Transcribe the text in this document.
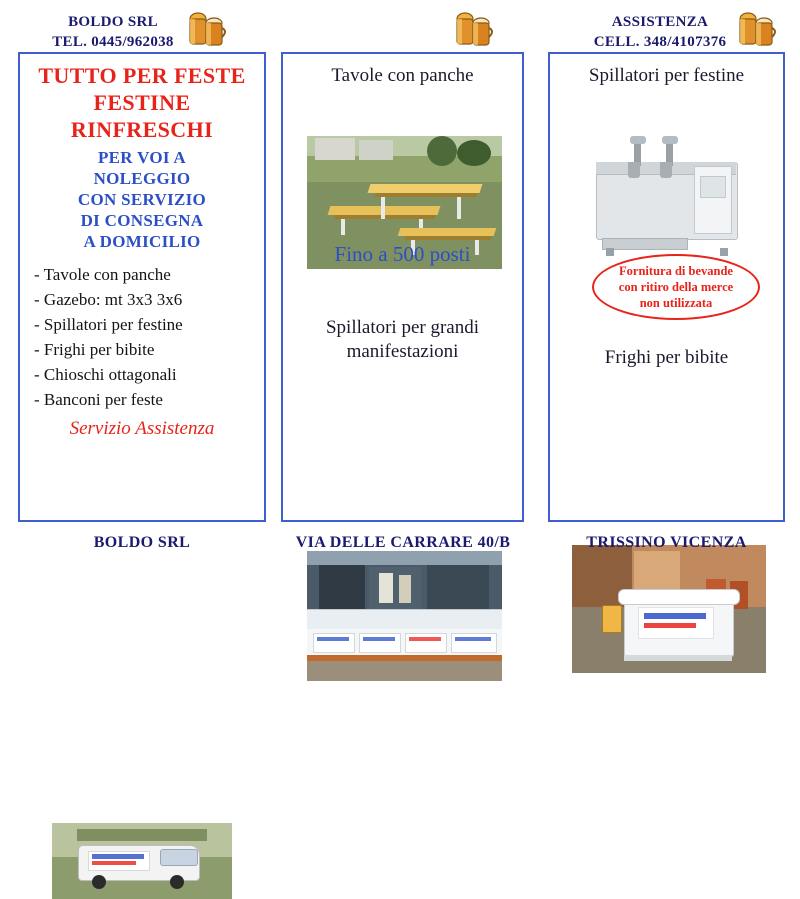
BOLDO SRL
TEL. 0445/962038
TUTTO PER FESTE
FESTINE
RINFRESCHI
PER VOI A
NOLEGGIO
CON SERVIZIO
DI CONSEGNA
A DOMICILIO
- Tavole con panche
- Gazebo: mt 3x3 3x6
- Spillatori per festine
- Frighi per bibite
- Chioschi ottagonali
- Banconi per feste
Servizio Assistenza
BOLDO SRL
Tavole con panche
Fino a 500 posti
Spillatori per grandi
manifestazioni
VIA DELLE CARRARE 40/B
ASSISTENZA
CELL. 348/4107376
Spillatori per festine
Fornitura di bevande
con ritiro della merce
non utilizzata
Frighi per bibite
TRISSINO VICENZA
